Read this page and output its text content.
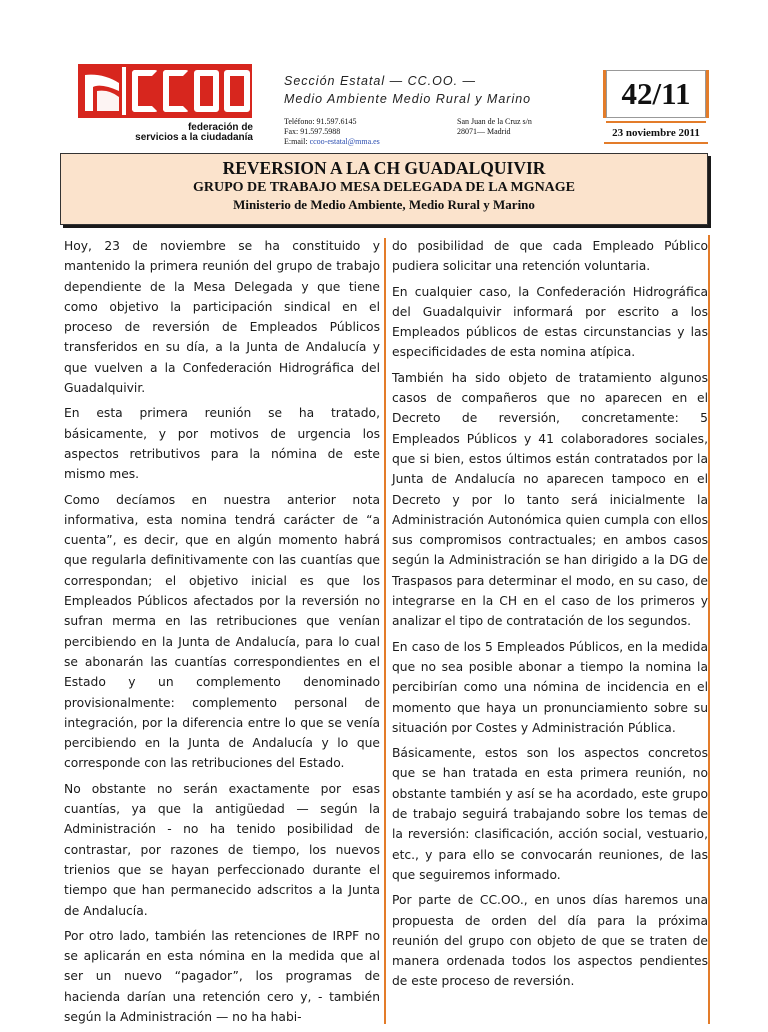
federación de
servicios a la ciudadanía
Sección Estatal — CC.OO. —
Medio Ambiente Medio Rural y Marino
Teléfono: 91.597.6145
Fax: 91.597.5988
E:mail: ccoo-estatal@mma.es
San Juan de la Cruz s/n
28071— Madrid
42/11
23 noviembre 2011
REVERSION A LA CH GUADALQUIVIR
GRUPO DE TRABAJO MESA DELEGADA DE LA MGNAGE
Ministerio de Medio Ambiente, Medio Rural y Marino

Hoy, 23 de noviembre se ha constituido y mantenido la primera reunión del grupo de trabajo dependiente de la Mesa Delegada y que tiene como objetivo la participación sindical en el proceso de reversión de Empleados Públicos transferidos en su día, a la Junta de Andalucía y que vuelven a la Confederación Hidrográfica del Guadalquivir.

En esta primera reunión se ha tratado, básicamente, y por motivos de urgencia los aspectos retributivos para la nómina de este mismo mes.

Como decíamos en nuestra anterior nota informativa, esta nomina tendrá carácter de “a cuenta”, es decir, que en algún momento habrá que regularla definitivamente con las cuantías que correspondan; el objetivo inicial es que los Empleados Públicos afectados por la reversión no sufran merma en las retribuciones que venían percibiendo en la Junta de Andalucía, para lo cual se abonarán las cuantías correspondientes en el Estado y un complemento denominado provisionalmente: complemento personal de integración, por la diferencia entre lo que se venía percibiendo en la Junta de Andalucía y lo que corresponde con las retribuciones del Estado.

No obstante no serán exactamente por esas cuantías, ya que la antigüedad — según la Administración - no ha tenido posibilidad de contrastar, por razones de tiempo, los nuevos trienios que se hayan perfeccionado durante el tiempo que han permanecido adscritos a la Junta de Andalucía.

Por otro lado, también las retenciones de IRPF no se aplicarán en esta nómina en la medida que al ser un nuevo “pagador”, los programas de hacienda darían una retención cero y, - también según la Administración — no ha habi-

do posibilidad de que cada Empleado Público pudiera solicitar una retención voluntaria.

En cualquier caso, la Confederación Hidrográfica del Guadalquivir informará por escrito a los Empleados públicos de estas circunstancias y las especificidades de esta nomina atípica.

También ha sido objeto de tratamiento algunos casos de compañeros que no aparecen en el Decreto de reversión, concretamente: 5 Empleados Públicos y 41 colaboradores sociales, que si bien, estos últimos están contratados por la Junta de Andalucía no aparecen tampoco en el Decreto y por lo tanto será inicialmente la Administración Autonómica quien cumpla con ellos sus compromisos contractuales; en ambos casos según la Administración se han dirigido a la DG de Traspasos para determinar el modo, en su caso, de integrarse en la CH en el caso de los primeros y analizar el tipo de contratación de los segundos.

En caso de los 5 Empleados Públicos, en la medida que no sea posible abonar a tiempo la nomina la percibirían como una nómina de incidencia en el momento que haya un pronunciamiento sobre su situación por Costes y Administración Pública.

Básicamente, estos son los aspectos concretos que se han tratada en esta primera reunión, no obstante también y así se ha acordado, este grupo de trabajo seguirá trabajando sobre los temas de la reversión: clasificación, acción social, vestuario, etc., y para ello se convocarán reuniones, de las que seguiremos informado.

Por parte de CC.OO., en unos días haremos una propuesta de orden del día para la próxima reunión del grupo con objeto de que se traten de manera ordenada todos los aspectos pendientes de este proceso de reversión.
